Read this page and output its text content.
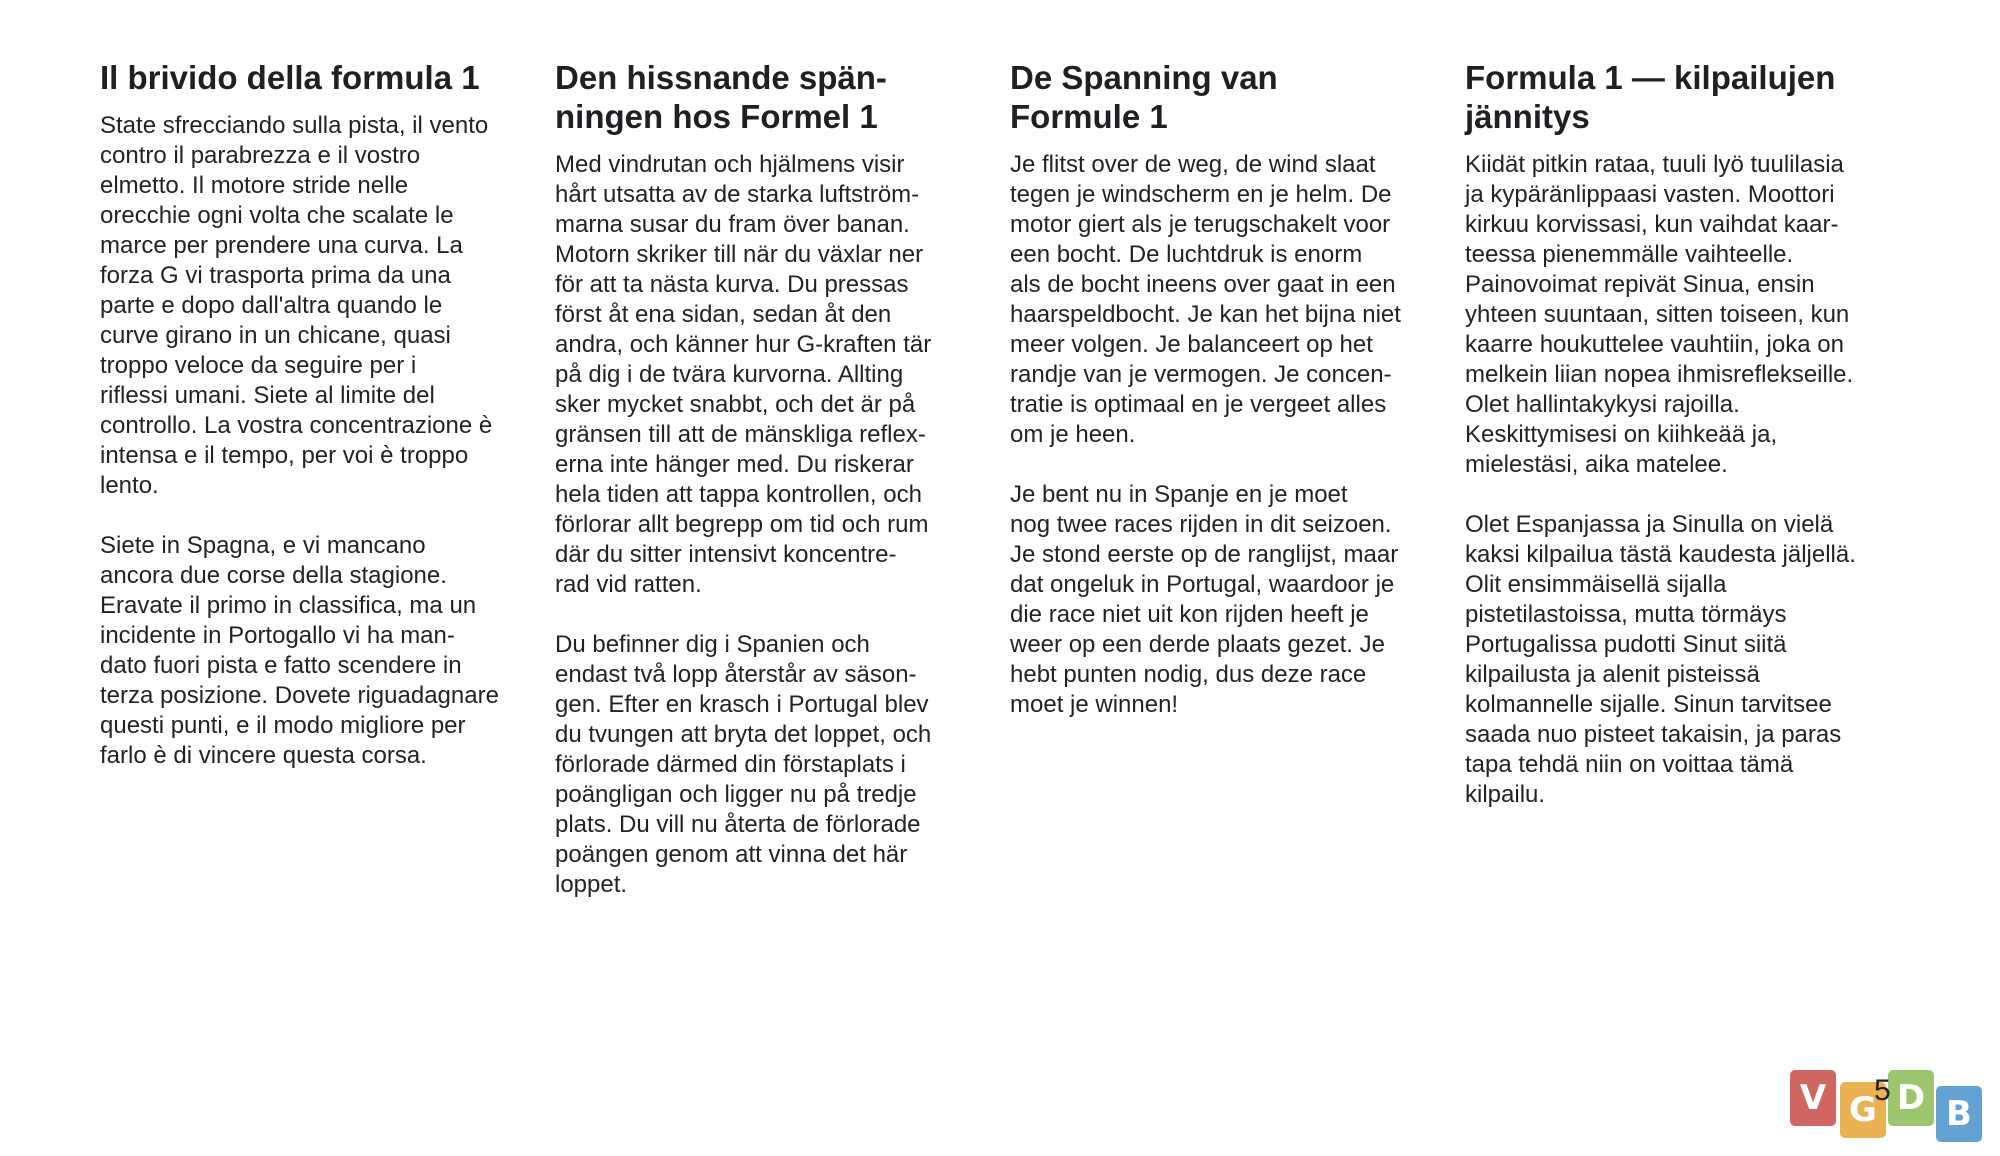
Il brivido della formula 1

State sfrecciando sulla pista, il vento
contro il parabrezza e il vostro
elmetto. Il motore stride nelle
orecchie ogni volta che scalate le
marce per prendere una curva. La
forza G vi trasporta prima da una
parte e dopo dall'altra quando le
curve girano in un chicane, quasi
troppo veloce da seguire per i
riflessi umani. Siete al limite del
controllo. La vostra concentrazione è
intensa e il tempo, per voi è troppo
lento.

Siete in Spagna, e vi mancano
ancora due corse della stagione.
Eravate il primo in classifica, ma un
incidente in Portogallo vi ha man-
dato fuori pista e fatto scendere in
terza posizione. Dovete riguadagnare
questi punti, e il modo migliore per
farlo è di vincere questa corsa.

Den hissnande spän-
ningen hos Formel 1

Med vindrutan och hjälmens visir
hårt utsatta av de starka luftström-
marna susar du fram över banan.
Motorn skriker till när du växlar ner
för att ta nästa kurva. Du pressas
först åt ena sidan, sedan åt den
andra, och känner hur G-kraften tär
på dig i de tvära kurvorna. Allting
sker mycket snabbt, och det är på
gränsen till att de mänskliga reflex-
erna inte hänger med. Du riskerar
hela tiden att tappa kontrollen, och
förlorar allt begrepp om tid och rum
där du sitter intensivt koncentre-
rad vid ratten.

Du befinner dig i Spanien och
endast två lopp återstår av säson-
gen. Efter en krasch i Portugal blev
du tvungen att bryta det loppet, och
förlorade därmed din förstaplats i
poängligan och ligger nu på tredje
plats. Du vill nu återta de förlorade
poängen genom att vinna det här
loppet.

De Spanning van
Formule 1

Je flitst over de weg, de wind slaat
tegen je windscherm en je helm. De
motor giert als je terugschakelt voor
een bocht. De luchtdruk is enorm
als de bocht ineens over gaat in een
haarspeldbocht. Je kan het bijna niet
meer volgen. Je balanceert op het
randje van je vermogen. Je concen-
tratie is optimaal en je vergeet alles
om je heen.

Je bent nu in Spanje en je moet
nog twee races rijden in dit seizoen.
Je stond eerste op de ranglijst, maar
dat ongeluk in Portugal, waardoor je
die race niet uit kon rijden heeft je
weer op een derde plaats gezet. Je
hebt punten nodig, dus deze race
moet je winnen!

Formula 1 — kilpailujen
jännitys

Kiidät pitkin rataa, tuuli lyö tuulilasia
ja kypäränlippaasi vasten. Moottori
kirkuu korvissasi, kun vaihdat kaar-
teessa pienemmälle vaihteelle.
Painovoimat repivät Sinua, ensin
yhteen suuntaan, sitten toiseen, kun
kaarre houkuttelee vauhtiin, joka on
melkein liian nopea ihmisreflekseille.
Olet hallintakykysi rajoilla.
Keskittymisesi on kiihkeää ja,
mielestäsi, aika matelee.

Olet Espanjassa ja Sinulla on vielä
kaksi kilpailua tästä kaudesta jäljellä.
Olit ensimmäisellä sijalla
pistetilastoissa, mutta törmäys
Portugalissa pudotti Sinut siitä
kilpailusta ja alenit pisteissä
kolmannelle sijalle. Sinun tarvitsee
saada nuo pisteet takaisin, ja paras
tapa tehdä niin on voittaa tämä
kilpailu.

V G D B
5
